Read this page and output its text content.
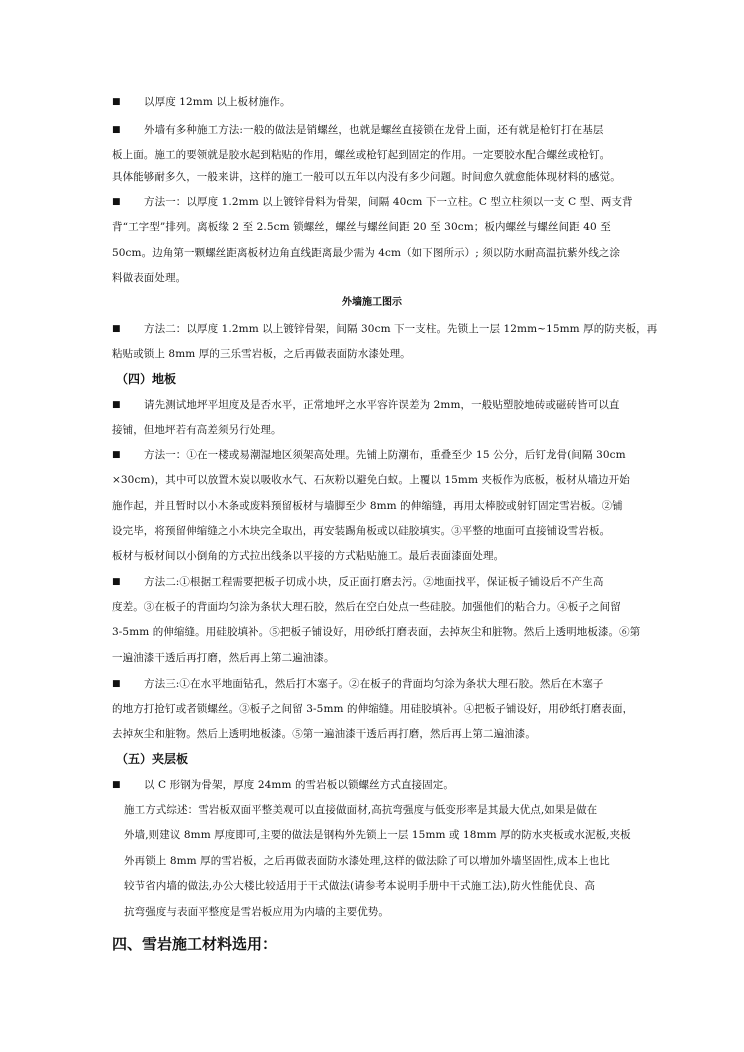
■
■
■
■
■
■
■
■
■
以厚度 12mm 以上板材施作。
外墙有多种施工方法:一般的做法是销螺丝，也就是螺丝直接锁在龙骨上面，还有就是枪钉打在基层
板上面。施工的要领就是胶水起到粘贴的作用，螺丝或枪钉起到固定的作用。一定要胶水配合螺丝或枪钉。
具体能够耐多久，一般来讲，这样的施工一般可以五年以内没有多少问题。时间愈久就愈能体现材料的感觉。
方法一：以厚度 1.2mm 以上镀锌骨料为骨架，间隔 40cm 下一立柱。C 型立柱须以一支 C 型、两支背
背“工字型”排列。离板缘 2 至 2.5cm 锁螺丝，螺丝与螺丝间距 20 至 30cm；板内螺丝与螺丝间距 40 至
50cm。边角第一颗螺丝距离板材边角直线距离最少需为 4cm（如下图所示）; 须以防水耐高温抗紫外线之涂
料做表面处理。
外墙施工图示
方法二：以厚度 1.2mm 以上镀锌骨架，间隔 30cm 下一支柱。先锁上一层 12mm~15mm 厚的防夹板，再
粘贴或锁上 8mm 厚的三乐雪岩板，之后再做表面防水漆处理。
（四）地板
请先测试地坪平坦度及是否水平，正常地坪之水平容许误差为 2mm，一般贴塑胶地砖或磁砖皆可以直
接铺，但地坪若有高差须另行处理。
方法一：①在一楼或易潮湿地区须架高处理。先铺上防潮布，重叠至少 15 公分，后钉龙骨(间隔 30cm
×30cm)，其中可以放置木炭以吸收水气、石灰粉以避免白蚁。上覆以 15mm 夹板作为底板，板材从墙边开始
施作起，并且暂时以小木条或废料预留板材与墙脚至少 8mm 的伸缩缝，再用太棒胶或射钉固定雪岩板。②铺
设完毕，将预留伸缩缝之小木块完全取出，再安装踢角板或以硅胶填实。③平整的地面可直接铺设雪岩板。
板材与板材间以小倒角的方式拉出线条以平接的方式粘贴施工。最后表面漆面处理。
方法二:①根据工程需要把板子切成小块，反正面打磨去污。②地面找平，保证板子铺设后不产生高
度差。③在板子的背面均匀涂为条状大理石胶，然后在空白处点一些硅胶。加强他们的粘合力。④板子之间留
3-5mm 的伸缩缝。用硅胶填补。⑤把板子铺设好，用砂纸打磨表面，去掉灰尘和脏物。然后上透明地板漆。⑥第
一遍油漆干透后再打磨，然后再上第二遍油漆。
方法三:①在水平地面钻孔，然后打木塞子。②在板子的背面均匀涂为条状大理石胶。然后在木塞子
的地方打抢钉或者锁螺丝。③板子之间留 3-5mm 的伸缩缝。用硅胶填补。④把板子铺设好，用砂纸打磨表面，
去掉灰尘和脏物。然后上透明地板漆。⑤第一遍油漆干透后再打磨，然后再上第二遍油漆。
（五）夹层板
以 C 形钢为骨架，厚度 24mm 的雪岩板以锁螺丝方式直接固定。
施工方式综述：雪岩板双面平整美观可以直接做面材,高抗弯强度与低变形率是其最大优点,如果是做在
外墙,则建议 8mm 厚度即可,主要的做法是钢构外先锁上一层 15mm 或 18mm 厚的防水夹板或水泥板,夹板
外再锁上 8mm 厚的雪岩板，之后再做表面防水漆处理,这样的做法除了可以增加外墙坚固性,成本上也比
较节省内墙的做法,办公大楼比较适用于干式做法(请参考本说明手册中干式施工法),防火性能优良、高
抗弯强度与表面平整度是雪岩板应用为内墙的主要优势。
四、雪岩施工材料选用：
